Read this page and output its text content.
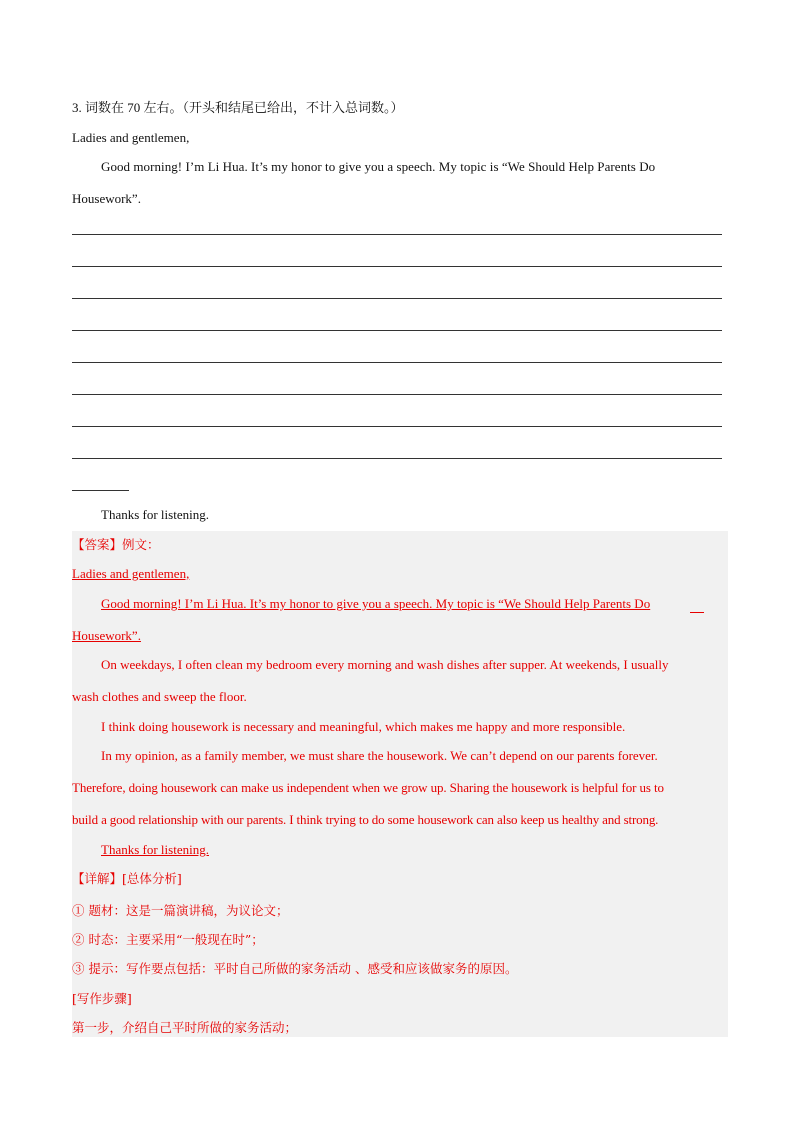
3. 词数在 70 左右。（开头和结尾已给出，不计入总词数。）
Ladies and gentlemen,
Good morning! I’m Li Hua. It’s my honor to give you a speech. My topic is “We Should Help Parents Do
Housework”.
Thanks for listening.
【答案】例文：
Ladies and gentlemen,
Good morning! I’m Li Hua. It’s my honor to give you a speech. My topic is “We Should Help Parents Do
Housework”.
On weekdays, I often clean my bedroom every morning and wash dishes after supper. At weekends, I usually
wash clothes and sweep the floor.
I think doing housework is necessary and meaningful, which makes me happy and more responsible.
In my opinion, as a family member, we must share the housework. We can’t depend on our parents forever.
Therefore, doing housework can make us independent when we grow up. Sharing the housework is helpful for us to
build a good relationship with our parents. I think trying to do some housework can also keep us healthy and strong.
Thanks for listening.
【详解】[总体分析]
① 题材：这是一篇演讲稿，为议论文；
② 时态：主要采用“一般现在时”；
③ 提示：写作要点包括：平时自己所做的家务活动 、感受和应该做家务的原因。
[写作步骤]
第一步，介绍自己平时所做的家务活动；
